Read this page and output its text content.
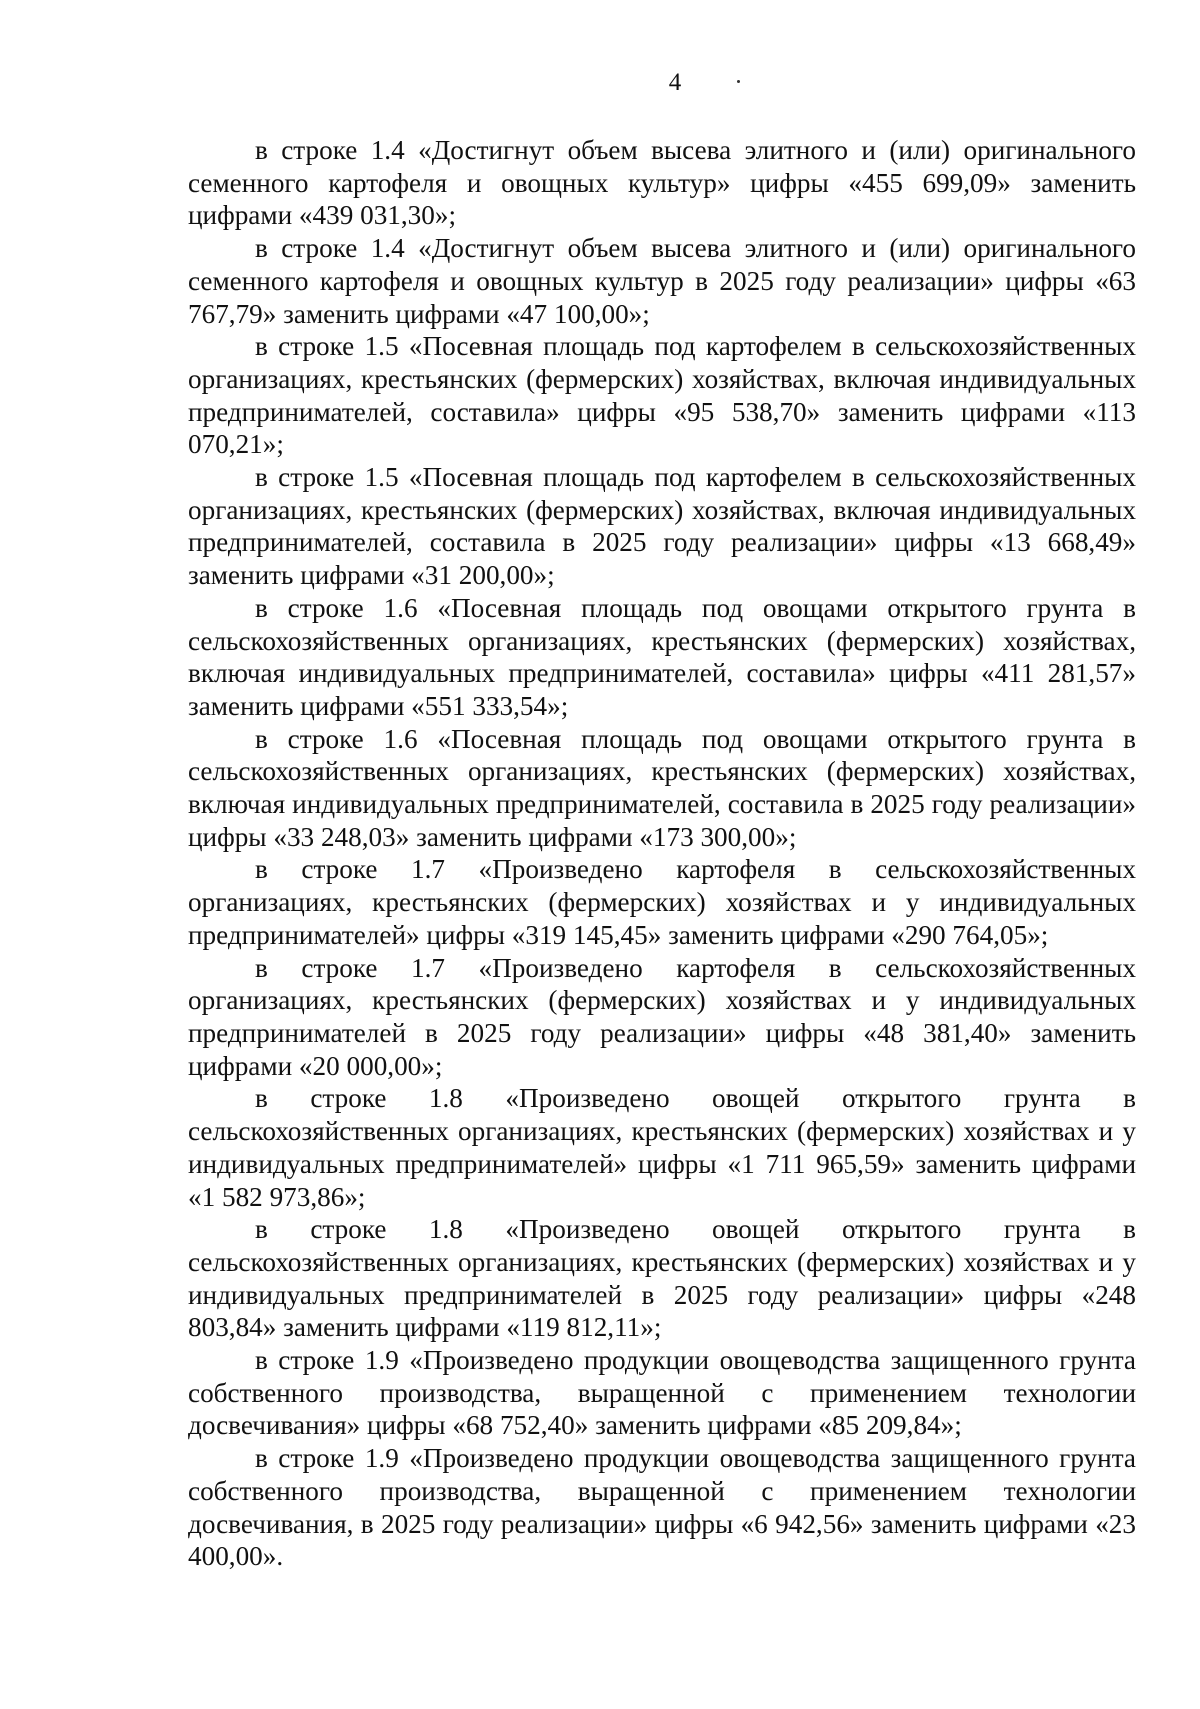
4

в строке 1.4 «Достигнут объем высева элитного и (или) оригинального семенного картофеля и овощных культур» цифры «455 699,09» заменить цифрами «439 031,30»;

в строке 1.4 «Достигнут объем высева элитного и (или) оригинального семенного картофеля и овощных культур в 2025 году реализации» цифры «63 767,79» заменить цифрами «47 100,00»;

в строке 1.5 «Посевная площадь под картофелем в сельскохозяйственных организациях, крестьянских (фермерских) хозяйствах, включая индивидуальных предпринимателей, составила» цифры «95 538,70» заменить цифрами «113 070,21»;

в строке 1.5 «Посевная площадь под картофелем в сельскохозяйственных организациях, крестьянских (фермерских) хозяйствах, включая индивидуальных предпринимателей, составила в 2025 году реализации» цифры «13 668,49» заменить цифрами «31 200,00»;

в строке 1.6 «Посевная площадь под овощами открытого грунта в сельскохозяйственных организациях, крестьянских (фермерских) хозяйствах, включая индивидуальных предпринимателей, составила» цифры «411 281,57» заменить цифрами «551 333,54»;

в строке 1.6 «Посевная площадь под овощами открытого грунта в сельскохозяйственных организациях, крестьянских (фермерских) хозяйствах, включая индивидуальных предпринимателей, составила в 2025 году реализации» цифры «33 248,03» заменить цифрами «173 300,00»;

в строке 1.7 «Произведено картофеля в сельскохозяйственных организациях, крестьянских (фермерских) хозяйствах и у индивидуальных предпринимателей» цифры «319 145,45» заменить цифрами «290 764,05»;

в строке 1.7 «Произведено картофеля в сельскохозяйственных организациях, крестьянских (фермерских) хозяйствах и у индивидуальных предпринимателей в 2025 году реализации» цифры «48 381,40» заменить цифрами «20 000,00»;

в строке 1.8 «Произведено овощей открытого грунта в сельскохозяйственных организациях, крестьянских (фермерских) хозяйствах и у индивидуальных предпринимателей» цифры «1 711 965,59» заменить цифрами «1 582 973,86»;

в строке 1.8 «Произведено овощей открытого грунта в сельскохозяйственных организациях, крестьянских (фермерских) хозяйствах и у индивидуальных предпринимателей в 2025 году реализации» цифры «248 803,84» заменить цифрами «119 812,11»;

в строке 1.9 «Произведено продукции овощеводства защищенного грунта собственного производства, выращенной с применением технологии досвечивания» цифры «68 752,40» заменить цифрами «85 209,84»;

в строке 1.9 «Произведено продукции овощеводства защищенного грунта собственного производства, выращенной с применением технологии досвечивания, в 2025 году реализации» цифры «6 942,56» заменить цифрами «23 400,00».
